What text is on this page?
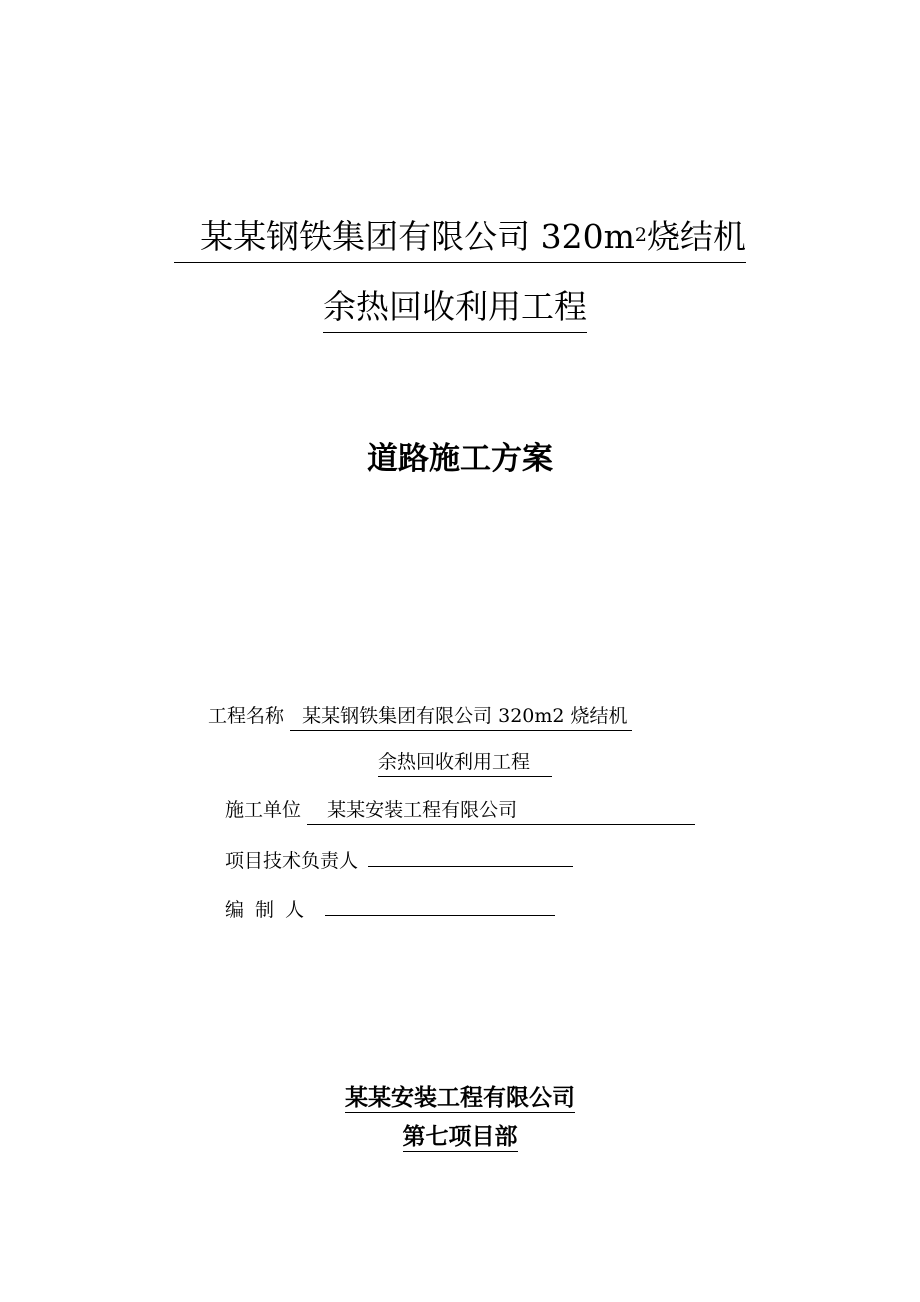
某某钢铁集团有限公司 $320m^2$烧结机
余热回收利用工程
道路施工方案
工程名称 某某钢铁集团有限公司 320m2 烧结机
余热回收利用工程
施工单位 某某安装工程有限公司
项目技术负责人
编制人
某某安装工程有限公司
第七项目部
